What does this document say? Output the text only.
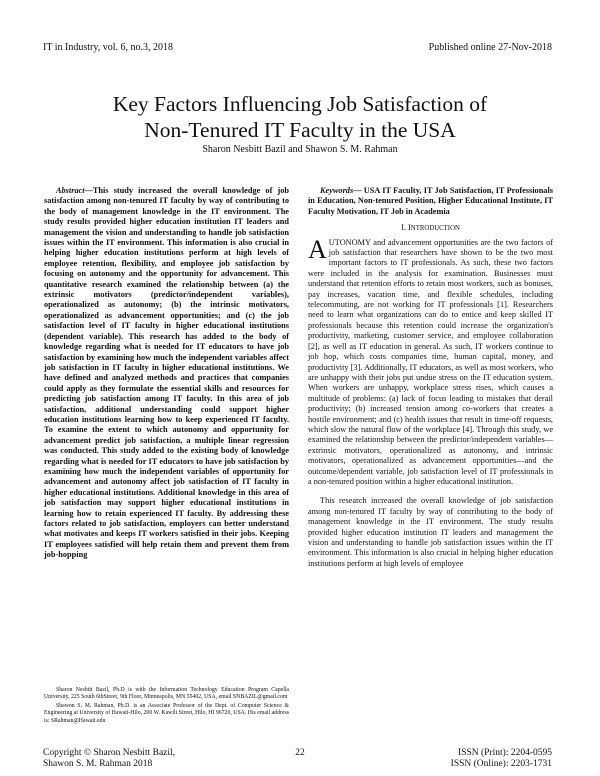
IT in Industry, vol. 6, no.3, 2018	Published online 27-Nov-2018
Key Factors Influencing Job Satisfaction of
Non-Tenured IT Faculty in the USA
Sharon Nesbitt Bazil and Shawon S. M. Rahman

Abstract—This study increased the overall knowledge of job satisfaction among non-tenured IT faculty by way of contributing to the body of management knowledge in the IT environment. The study results provided higher education institution IT leaders and management the vision and understanding to handle job satisfaction issues within the IT environment. This information is also crucial in helping higher education institutions perform at high levels of employee retention, flexibility, and employee job satisfaction by focusing on autonomy and the opportunity for advancement. This quantitative research examined the relationship between (a) the extrinsic motivators (predictor/independent variables), operationalized as autonomy; (b) the intrinsic motivators, operationalized as advancement opportunities; and (c) the job satisfaction level of IT faculty in higher educational institutions (dependent variable). This research has added to the body of knowledge regarding what is needed for IT educators to have job satisfaction by examining how much the independent variables affect job satisfaction in IT faculty in higher educational institutions. We have defined and analyzed methods and practices that companies could apply as they formulate the essential skills and resources for predicting job satisfaction among IT faculty. In this area of job satisfaction, additional understanding could support higher education institutions learning how to keep experienced IT faculty. To examine the extent to which autonomy and opportunity for advancement predict job satisfaction, a multiple linear regression was conducted. This study added to the existing body of knowledge regarding what is needed for IT educators to have job satisfaction by examining how much the independent variables of opportunity for advancement and autonomy affect job satisfaction of IT faculty in higher educational institutions. Additional knowledge in this area of job satisfaction may support higher educational institutions in learning how to retain experienced IT faculty. By addressing these factors related to job satisfaction, employers can better understand what motivates and keeps IT workers satisfied in their jobs. Keeping IT employees satisfied will help retain them and prevent them from job-hopping

Sharon Nesbitt Bazil, Ph.D is with the Information Technology Education Program Capella University, 225 South 6thStreet, 9th Floor, Minneapolis, MN 55402, USA, email SNBAZIL@gmail.com

Shawon S. M. Rahman, Ph.D. is an Associate Professor of the Dept. of Computer Science & Engineering at University of Hawaii-Hilo, 200 W. Kawili Street, Hilo, HI 96720, USA. His email address is: SRahman@Hawaii.edu

Keywords— USA IT Faculty, IT Job Satisfaction, IT Professionals in Education, Non-tenured Position, Higher Educational Institute, IT Faculty Motivation, IT Job in Academia

I. INTRODUCTION

AUTONOMY and advancement opportunities are the two factors of job satisfaction that researchers have shown to be the two most important factors to IT professionals. As such, these two factors were included in the analysis for examination. Businesses must understand that retention efforts to retain most workers, such as bonuses, pay increases, vacation time, and flexible schedules, including telecommuting, are not working for IT professionals [1]. Researchers need to learn what organizations can do to entice and keep skilled IT professionals because this retention could increase the organization's productivity, marketing, customer service, and employee collaboration [2], as well as IT education in general. As such, IT workers continue to job hop, which costs companies time, human capital, money, and productivity [3]. Additionally, IT educators, as well as most workers, who are unhappy with their jobs put undue stress on the IT education system. When workers are unhappy, workplace stress rises, which causes a multitude of problems: (a) lack of focus leading to mistakes that derail productivity; (b) increased tension among co-workers that creates a hostile environment; and (c) health issues that result in time-off requests, which slow the natural flow of the workplace [4]. Through this study, we examined the relationship between the predictor/independent variables—extrinsic motivators, operationalized as autonomy, and intrinsic motivators, operationalized as advancement opportunities—and the outcome/dependent variable, job satisfaction level of IT professionals in a non-tenured position within a higher educational institution.

This research increased the overall knowledge of job satisfaction among non-tenured IT faculty by way of contributing to the body of management knowledge in the IT environment. The study results provided higher education institution IT leaders and management the vision and understanding to handle job satisfaction issues within the IT environment. This information is also crucial in helping higher education institutions perform at high levels of employee

Copyright © Sharon Nesbitt Bazil,
Shawon S. M. Rahman 2018
22	ISSN (Print): 2204-0595
ISSN (Online): 2203-1731
